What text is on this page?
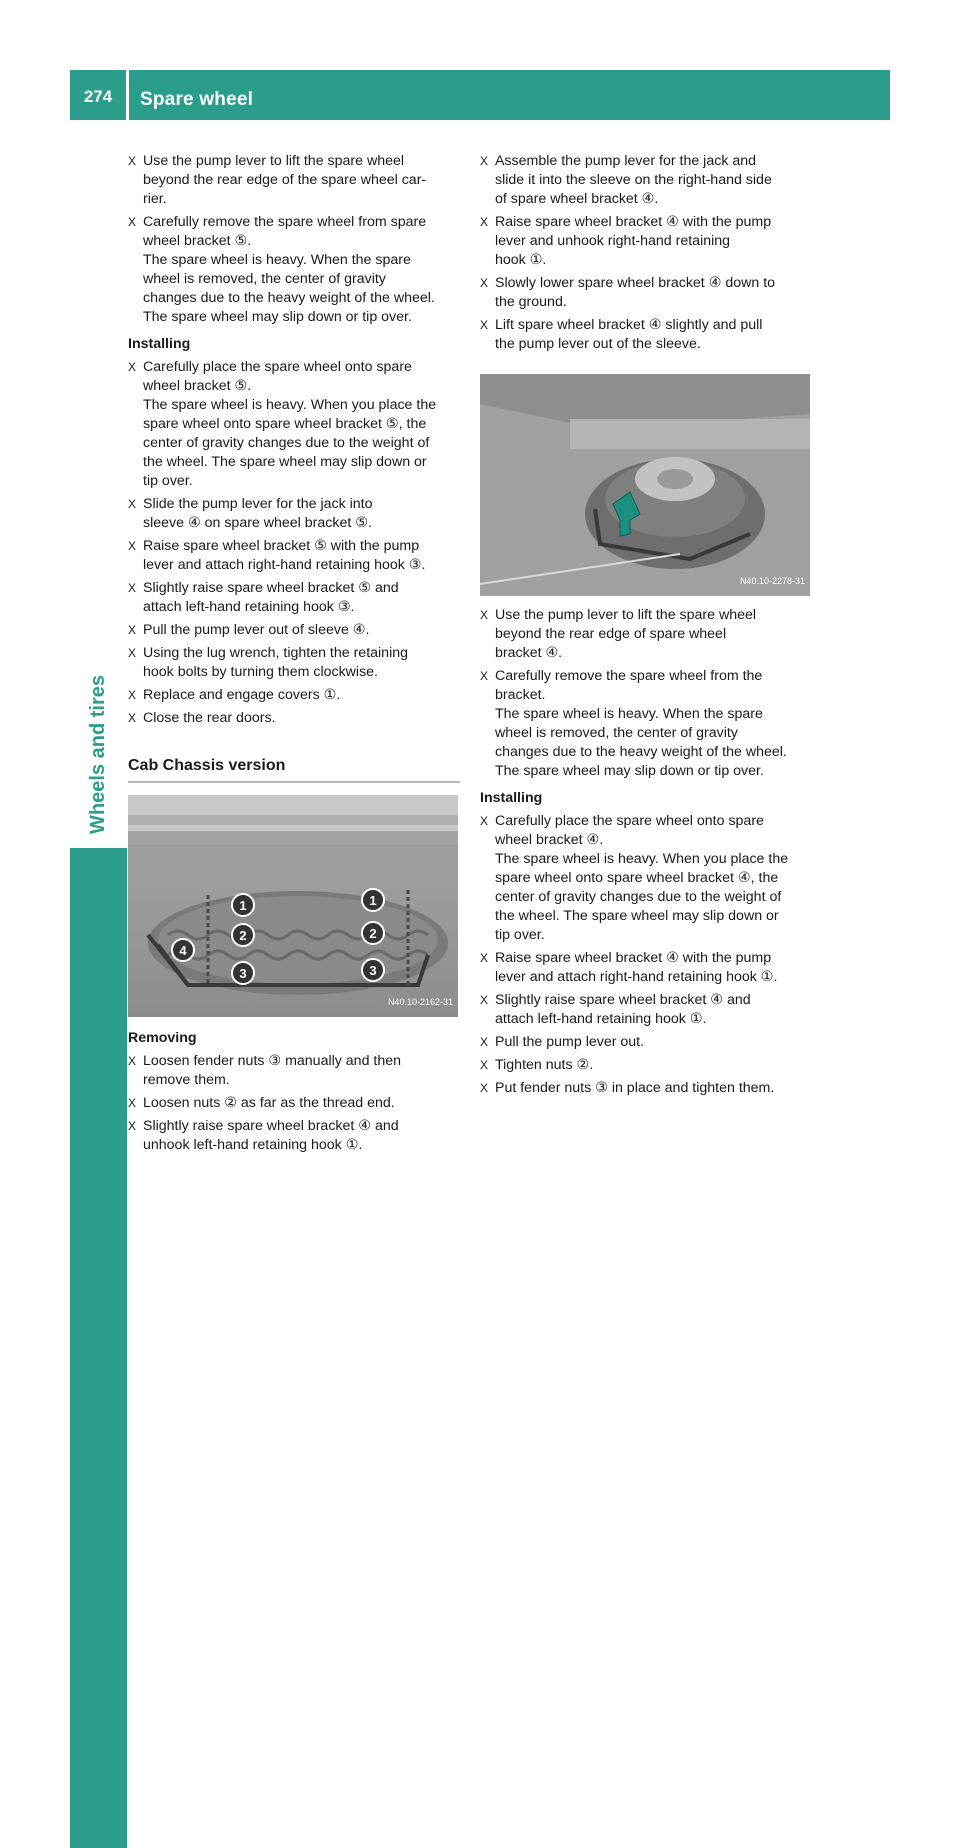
274	Spare wheel
Wheels and tires
X Use the pump lever to lift the spare wheel
beyond the rear edge of the spare wheel car-
rier.
X Carefully remove the spare wheel from spare
wheel bracket ⑤.
The spare wheel is heavy. When the spare
wheel is removed, the center of gravity
changes due to the heavy weight of the wheel.
The spare wheel may slip down or tip over.
Installing
X Carefully place the spare wheel onto spare
wheel bracket ⑤.
The spare wheel is heavy. When you place the
spare wheel onto spare wheel bracket ⑤, the
center of gravity changes due to the weight of
the wheel. The spare wheel may slip down or
tip over.
X Slide the pump lever for the jack into
sleeve ④ on spare wheel bracket ⑤.
X Raise spare wheel bracket ⑤ with the pump
lever and attach right-hand retaining hook ③.
X Slightly raise spare wheel bracket ⑤ and
attach left-hand retaining hook ③.
X Pull the pump lever out of sleeve ④.
X Using the lug wrench, tighten the retaining
hook bolts by turning them clockwise.
X Replace and engage covers ①.
X Close the rear doors.
Cab Chassis version
1
2
3
4
1
2
3
N40.10-2162-31
Removing
X Loosen fender nuts ③ manually and then
remove them.
X Loosen nuts ② as far as the thread end.
X Slightly raise spare wheel bracket ④ and
unhook left-hand retaining hook ①.
X Assemble the pump lever for the jack and
slide it into the sleeve on the right-hand side
of spare wheel bracket ④.
X Raise spare wheel bracket ④ with the pump
lever and unhook right-hand retaining
hook ①.
X Slowly lower spare wheel bracket ④ down to
the ground.
X Lift spare wheel bracket ④ slightly and pull
the pump lever out of the sleeve.
N40.10-2278-31
X Use the pump lever to lift the spare wheel
beyond the rear edge of spare wheel
bracket ④.
X Carefully remove the spare wheel from the
bracket.
The spare wheel is heavy. When the spare
wheel is removed, the center of gravity
changes due to the heavy weight of the wheel.
The spare wheel may slip down or tip over.
Installing
X Carefully place the spare wheel onto spare
wheel bracket ④.
The spare wheel is heavy. When you place the
spare wheel onto spare wheel bracket ④, the
center of gravity changes due to the weight of
the wheel. The spare wheel may slip down or
tip over.
X Raise spare wheel bracket ④ with the pump
lever and attach right-hand retaining hook ①.
X Slightly raise spare wheel bracket ④ and
attach left-hand retaining hook ①.
X Pull the pump lever out.
X Tighten nuts ②.
X Put fender nuts ③ in place and tighten them.
